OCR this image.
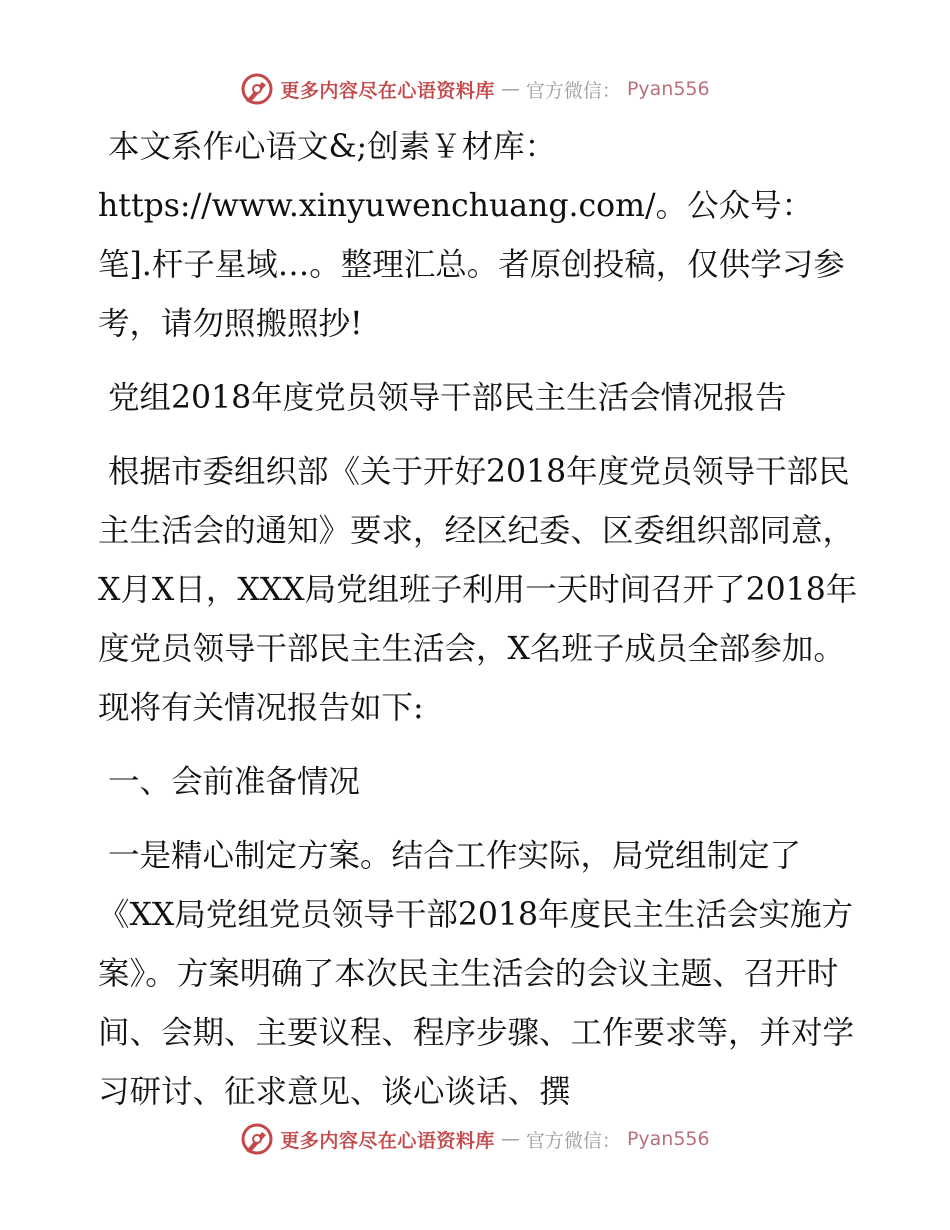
更多内容尽在心语资料库 — 官方微信： Pyan556

本文系作心语文&;创素￥材库：https://www.xinyuwenchuang.com/。公众号：笔].杆子星域…。整理汇总。者原创投稿，仅供学习参考，请勿照搬照抄!

党组2018年度党员领导干部民主生活会情况报告

根据市委组织部《关于开好2018年度党员领导干部民主生活会的通知》要求，经区纪委、区委组织部同意，X月X日，XXX局党组班子利用一天时间召开了2018年度党员领导干部民主生活会，X名班子成员全部参加。现将有关情况报告如下:

一、会前准备情况

一是精心制定方案。结合工作实际，局党组制定了《XX局党组党员领导干部2018年度民主生活会实施方案》。方案明确了本次民主生活会的会议主题、召开时间、会期、主要议程、程序步骤、工作要求等，并对学习研讨、征求意见、谈心谈话、撰

更多内容尽在心语资料库 — 官方微信： Pyan556
